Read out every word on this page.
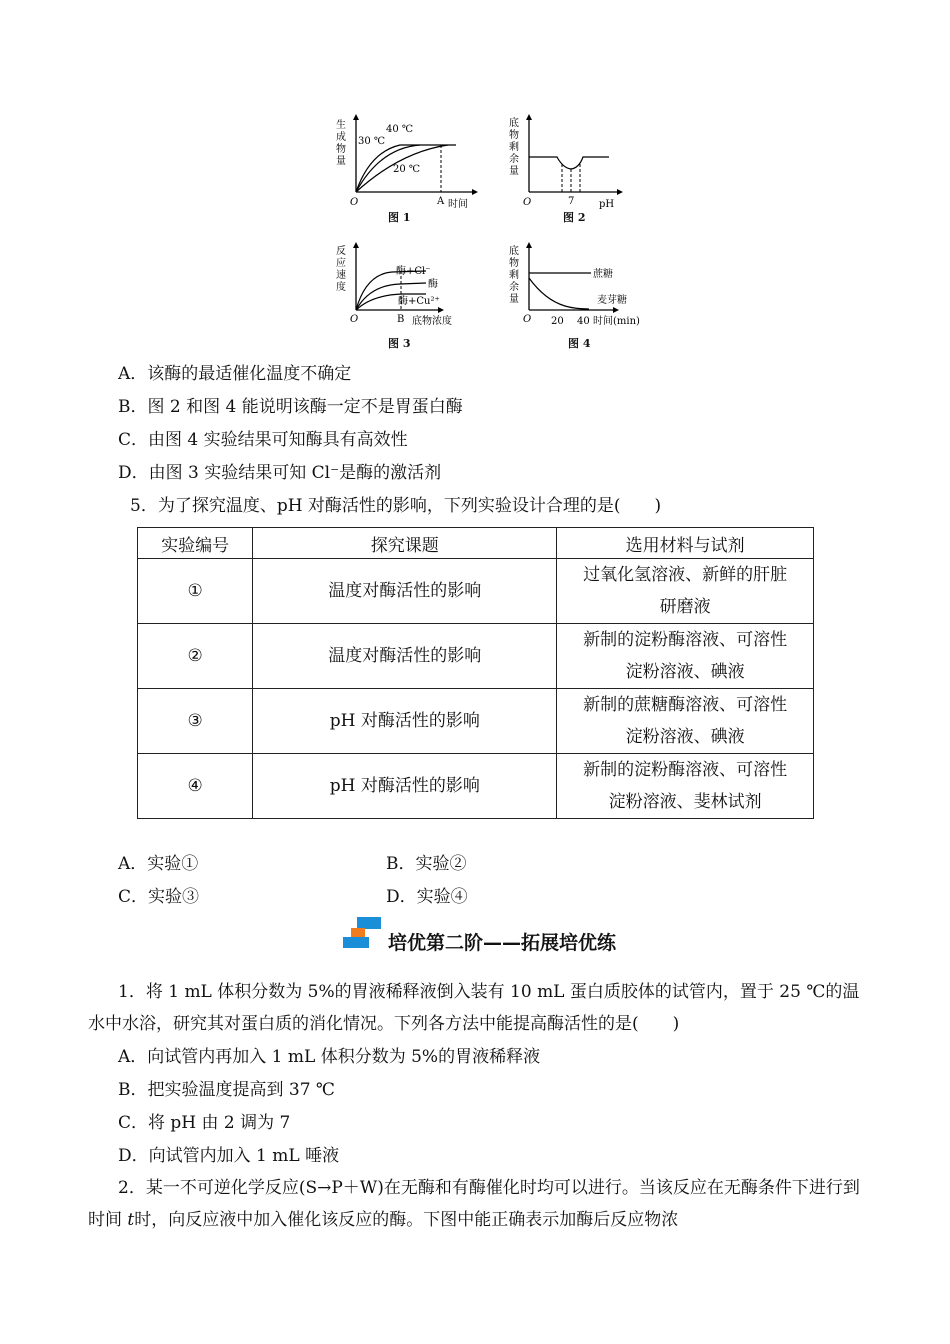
生
成
物
量
40 ℃
30 ℃
20 ℃
O	A 时间
图 1
底
物
剩
余
量
O	7 pH
图 2
反
应
速
度
酶+Cl⁻
酶
酶+Cu²⁺
O	B 底物浓度
图 3
底
物
剩
余
量
蔗糖
麦芽糖
O 20 40 时间(min)
图 4
A．该酶的最适催化温度不确定
B．图 2 和图 4 能说明该酶一定不是胃蛋白酶
C．由图 4 实验结果可知酶具有高效性
D．由图 3 实验结果可知 Cl⁻是酶的激活剂
5．为了探究温度、pH 对酶活性的影响，下列实验设计合理的是(　　)
实验编号	探究课题	选用材料与试剂
①	温度对酶活性的影响	过氧化氢溶液、新鲜的肝脏
研磨液

②	温度对酶活性的影响	新制的淀粉酶溶液、可溶性
淀粉溶液、碘液

③	pH 对酶活性的影响	新制的蔗糖酶溶液、可溶性
淀粉溶液、碘液

④	pH 对酶活性的影响	新制的淀粉酶溶液、可溶性
淀粉溶液、斐林试剂
A．实验①	B．实验②
C．实验③	D．实验④
培优第二阶——拓展培优练
1．将 1 mL 体积分数为 5%的胃液稀释液倒入装有 10 mL 蛋白质胶体的试管内，置于 25 ℃的温水中水浴，研究其对蛋白质的消化情况。下列各方法中能提高酶活性的是(　　)
A．向试管内再加入 1 mL 体积分数为 5%的胃液稀释液
B．把实验温度提高到 37 ℃
C．将 pH 由 2 调为 7
D．向试管内加入 1 mL 唾液
2．某一不可逆化学反应(S→P＋W)在无酶和有酶催化时均可以进行。当该反应在无酶条件下进行到时间 t时，向反应液中加入催化该反应的酶。下图中能正确表示加酶后反应物浓
